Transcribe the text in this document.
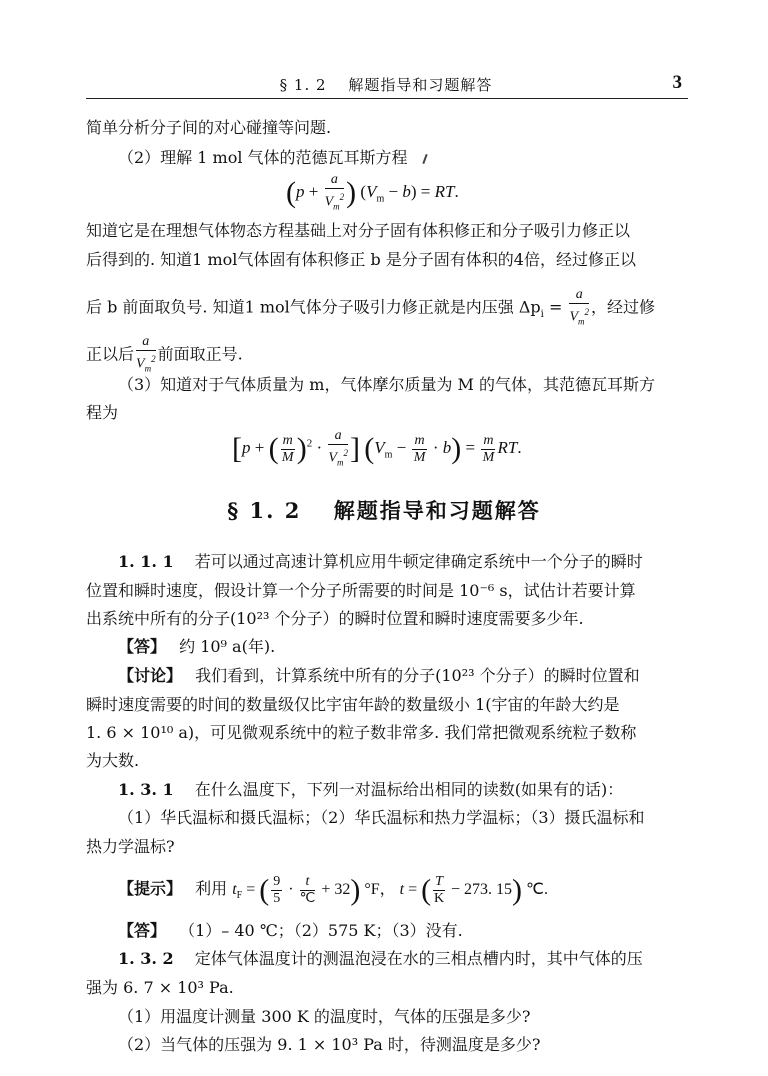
§ 1. 2　 解题指导和习题解答	3
简单分析分子间的对心碰撞等问题.
（2）理解 1 mol 气体的范德瓦耳斯方程
($p + \frac{a}{V_m^2}$ ) $(V_m - b)$ = RT.
知道它是在理想气体物态方程基础上对分子固有体积修正和分子吸引力修正以
后得到的. 知道1 mol气体固有体积修正 b 是分子固有体积的4倍，经过修正以
后 b 前面取负号. 知道1 mol气体分子吸引力修正就是内压强 $\Delta p_i = \frac{a}{V_m^2}$ ，经过修
正以后 $\frac{a}{V_m^2}$ 前面取正号.
（3）知道对于气体质量为 m，气体摩尔质量为 M 的气体，其范德瓦耳斯方
程为
[p + ( $\frac{m}{M} )^2 \cdot \frac{a}{V_m^2}$ ] $(V_m - \frac{m}{M} \cdot b) = \frac{m}{M}$ RT.
§ 1. 2　 解题指导和习题解答
1. 1. 1　 若可以通过高速计算机应用牛顿定律确定系统中一个分子的瞬时
位置和瞬时速度，假设计算一个分子所需要的时间是 10⁻⁶ s，试估计若要计算
出系统中所有的分子(10²³ 个分子）的瞬时位置和瞬时速度需要多少年.
【答】　 约 10⁹ a(年).
【讨论】　 我们看到，计算系统中所有的分子(10²³ 个分子）的瞬时位置和
瞬时速度需要的时间的数量级仅比宇宙年龄的数量级小 1(宇宙的年龄大约是
1. 6 × 10¹⁰ a)，可见微观系统中的粒子数非常多. 我们常把微观系统粒子数称
为大数.
1. 3. 1　 在什么温度下，下列一对温标给出相同的读数(如果有的话)：
（1）华氏温标和摄氏温标；（2）华氏温标和热力学温标；（3）摄氏温标和
热力学温标?
【提示】　 利用 $t_F$ = ( $\frac{9}{5} \cdot \frac{t}{℃} + 32$) °F， t = ( $\frac{T}{K} - 273$. 15) ℃.
【答】　 （1）– 40 ℃；（2）575 K；（3）没有.
1. 3. 2　 定体气体温度计的测温泡浸在水的三相点槽内时，其中气体的压
强为 6. 7 × 10³ Pa.
（1）用温度计测量 300 K 的温度时，气体的压强是多少?
（2）当气体的压强为 9. 1 × 10³ Pa 时，待测温度是多少?
